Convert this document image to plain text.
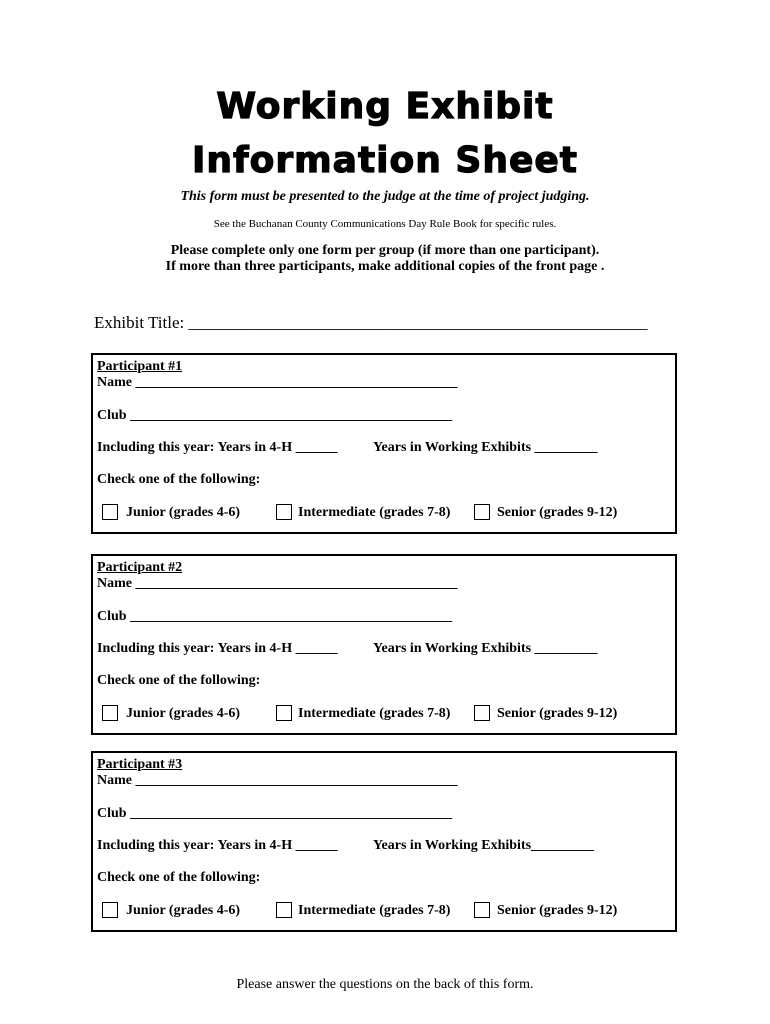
Working Exhibit
Information Sheet
This form must be presented to the judge at the time of project judging.
See the Buchanan County Communications Day Rule Book for specific rules.
Please complete only one form per group (if more than one participant).
If more than three participants, make additional copies of the front page .
Exhibit Title: ______________________________________________________
Participant #1
Name ______________________________________________
Club ______________________________________________
Including this year: Years in 4-H ______	Years in Working Exhibits _________
Check one of the following:
Junior (grades 4-6)	Intermediate (grades 7-8)	Senior (grades 9-12)
Participant #2
Name ______________________________________________
Club ______________________________________________
Including this year: Years in 4-H ______	Years in Working Exhibits _________
Check one of the following:
Junior (grades 4-6)	Intermediate (grades 7-8)	Senior (grades 9-12)
Participant #3
Name ______________________________________________
Club ______________________________________________
Including this year: Years in 4-H ______	Years in Working Exhibits_________
Check one of the following:
Junior (grades 4-6)	Intermediate (grades 7-8)	Senior (grades 9-12)
Please answer the questions on the back of this form.
